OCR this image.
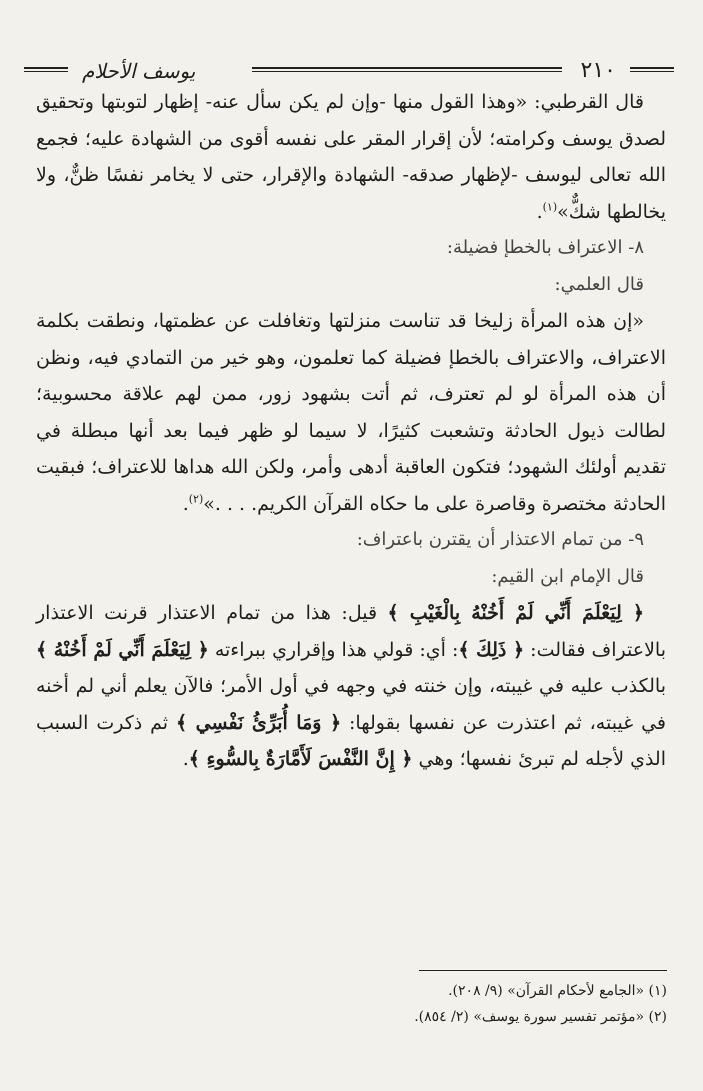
٢١٠
يوسف الأحلام

قال القرطبي: «وهذا القول منها -وإن لم يكن سأل عنه- إظهار لتوبتها وتحقيق لصدق يوسف وكرامته؛ لأن إقرار المقر على نفسه أقوى من الشهادة عليه؛ فجمع الله تعالى ليوسف -لإظهار صدقه- الشهادة والإقرار، حتى لا يخامر نفسًا ظنٌّ، ولا يخالطها شكٌّ»$^{(١)}$.

٨- الاعتراف بالخطإ فضيلة:

قال العلمي:

«إن هذه المرأة زليخا قد تناست منزلتها وتغافلت عن عظمتها، ونطقت بكلمة الاعتراف، والاعتراف بالخطإ فضيلة كما تعلمون، وهو خير من التمادي فيه، ونظن أن هذه المرأة لو لم تعترف، ثم أتت بشهود زور، ممن لهم علاقة محسوبية؛ لطالت ذيول الحادثة وتشعبت كثيرًا، لا سيما لو ظهر فيما بعد أنها مبطلة في تقديم أولئك الشهود؛ فتكون العاقبة أدهى وأمر، ولكن الله هداها للاعتراف؛ فبقيت الحادثة مختصرة وقاصرة على ما حكاه القرآن الكريم. . . .»$^{(٢)}$.

٩- من تمام الاعتذار أن يقترن باعتراف:

قال الإمام ابن القيم:

﴿ لِيَعْلَمَ أَنِّي لَمْ أَخُنْهُ بِالْغَيْبِ ﴾ قيل: هذا من تمام الاعتذار قرنت الاعتذار بالاعتراف فقالت: ﴿ ذَلِكَ ﴾: أي: قولي هذا وإقراري ببراءته ﴿ لِيَعْلَمَ أَنِّي لَمْ أَخُنْهُ ﴾ بالكذب عليه في غيبته، وإن خنته في وجهه في أول الأمر؛ فالآن يعلم أني لم أخنه في غيبته، ثم اعتذرت عن نفسها بقولها: ﴿ وَمَا أُبَرِّئُ نَفْسِي ﴾ ثم ذكرت السبب الذي لأجله لم تبرئ نفسها؛ وهي ﴿ إِنَّ النَّفْسَ لَأَمَّارَةٌ بِالسُّوءِ ﴾.

(١) «الجامع لأحكام القرآن» (٩/ ٢٠٨).

(٢) «مؤتمر تفسير سورة يوسف» (٢/ ٨٥٤).
